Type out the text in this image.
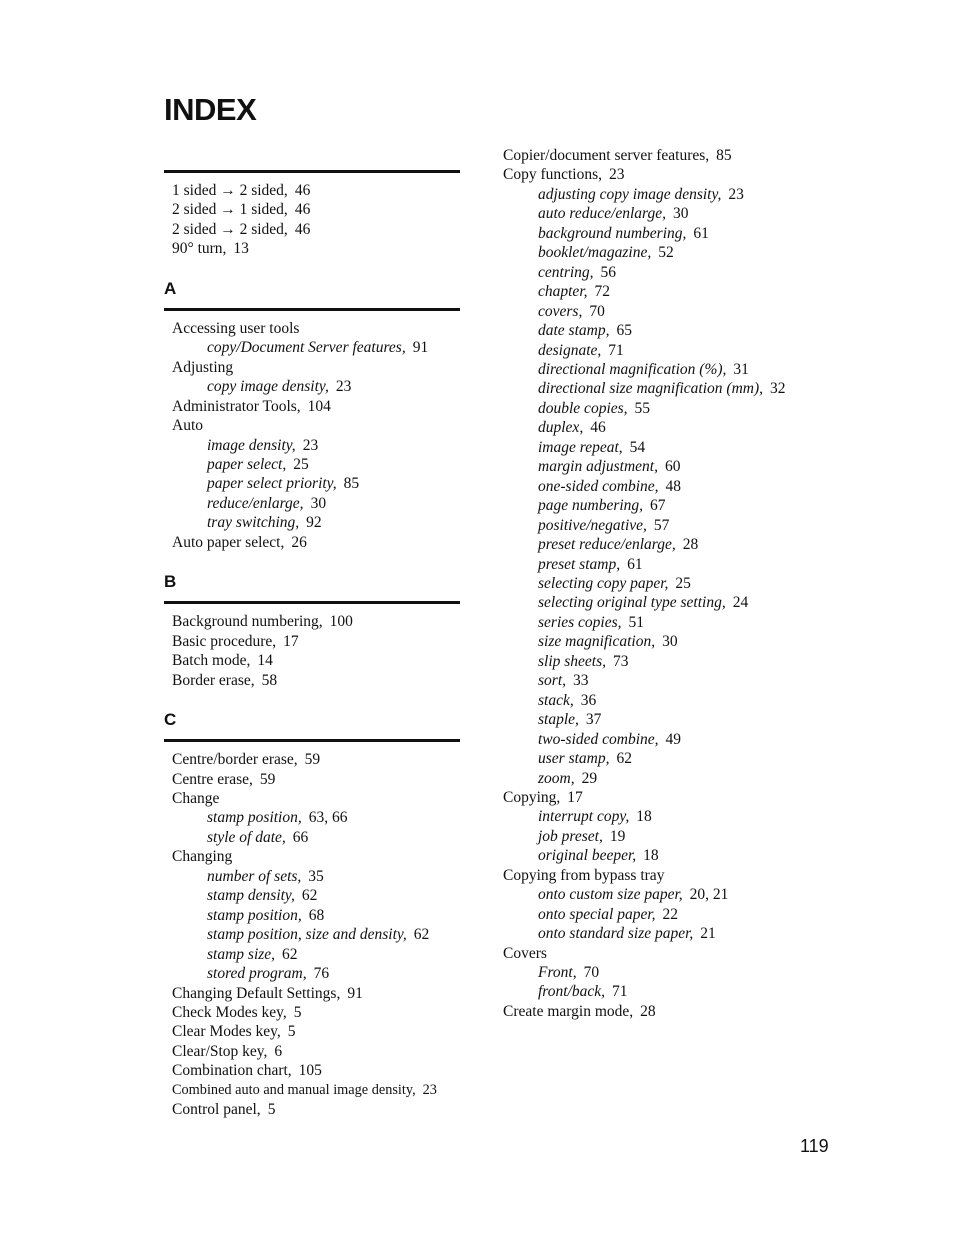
INDEX
1 sided → 2 sided, 46
2 sided → 1 sided, 46
2 sided → 2 sided, 46
90° turn, 13
A
Accessing user tools
copy/Document Server features, 91
Adjusting
copy image density, 23
Administrator Tools, 104
Auto
image density, 23
paper select, 25
paper select priority, 85
reduce/enlarge, 30
tray switching, 92
Auto paper select, 26
B
Background numbering, 100
Basic procedure, 17
Batch mode, 14
Border erase, 58
C
Centre/border erase, 59
Centre erase, 59
Change
stamp position, 63, 66
style of date, 66
Changing
number of sets, 35
stamp density, 62
stamp position, 68
stamp position, size and density, 62
stamp size, 62
stored program, 76
Changing Default Settings, 91
Check Modes key, 5
Clear Modes key, 5
Clear/Stop key, 6
Combination chart, 105
Combined auto and manual image density, 23
Control panel, 5
Copier/document server features, 85
Copy functions, 23
adjusting copy image density, 23
auto reduce/enlarge, 30
background numbering, 61
booklet/magazine, 52
centring, 56
chapter, 72
covers, 70
date stamp, 65
designate, 71
directional magnification (%), 31
directional size magnification (mm), 32
double copies, 55
duplex, 46
image repeat, 54
margin adjustment, 60
one-sided combine, 48
page numbering, 67
positive/negative, 57
preset reduce/enlarge, 28
preset stamp, 61
selecting copy paper, 25
selecting original type setting, 24
series copies, 51
size magnification, 30
slip sheets, 73
sort, 33
stack, 36
staple, 37
two-sided combine, 49
user stamp, 62
zoom, 29
Copying, 17
interrupt copy, 18
job preset, 19
original beeper, 18
Copying from bypass tray
onto custom size paper, 20, 21
onto special paper, 22
onto standard size paper, 21
Covers
Front, 70
front/back, 71
Create margin mode, 28
119
